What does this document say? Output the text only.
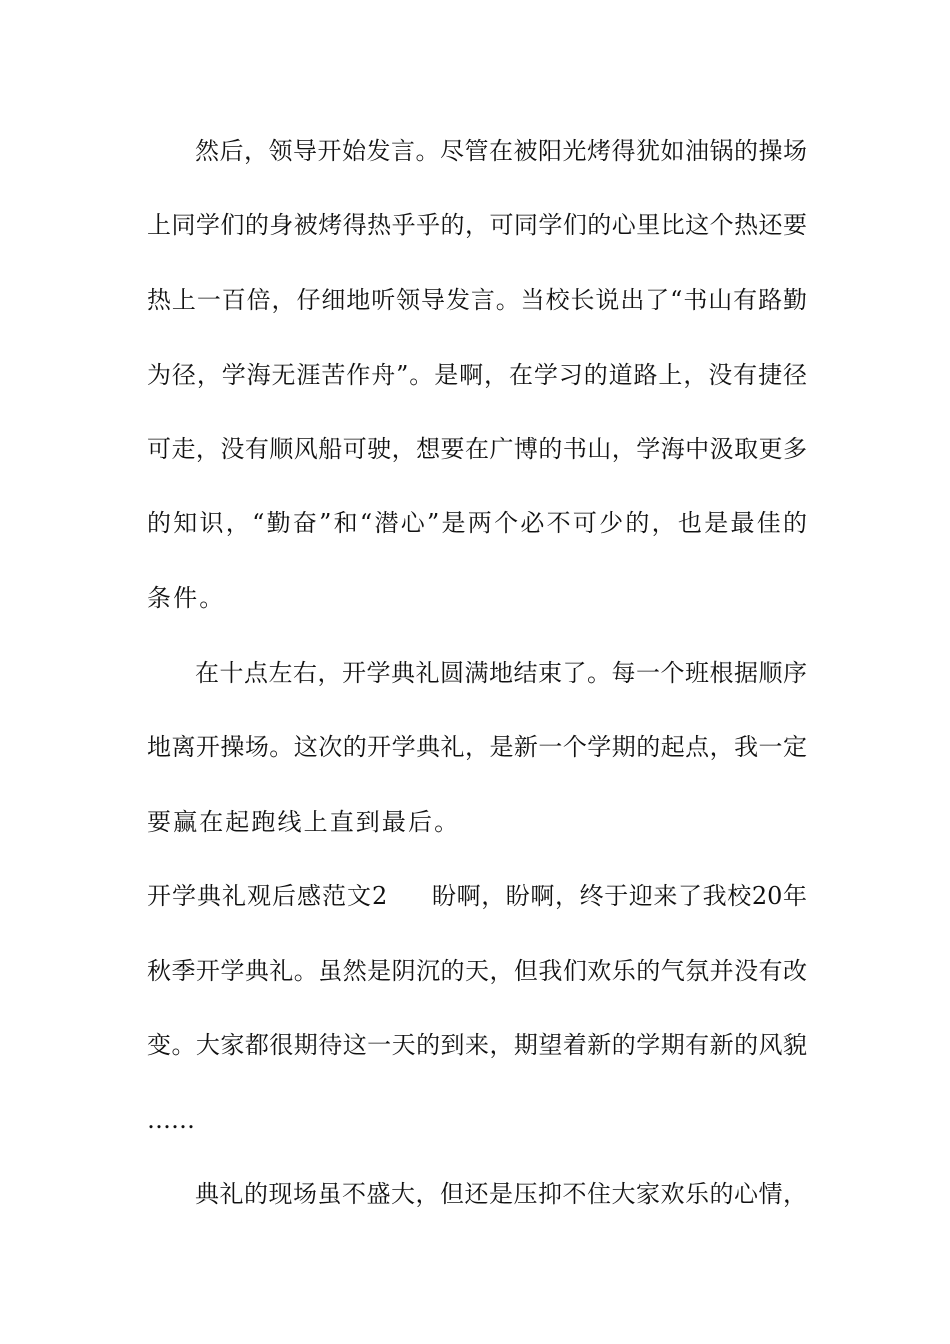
然后，领导开始发言。尽管在被阳光烤得犹如油锅的操场
上同学们的身被烤得热乎乎的，可同学们的心里比这个热还要
热上一百倍，仔细地听领导发言。当校长说出了“书山有路勤
为径，学海无涯苦作舟”。是啊，在学习的道路上，没有捷径
可走，没有顺风船可驶，想要在广博的书山，学海中汲取更多
的知识，“勤奋”和“潜心”是两个必不可少的，也是最佳的
条件。
在十点左右，开学典礼圆满地结束了。每一个班根据顺序
地离开操场。这次的开学典礼，是新一个学期的起点，我一定
要赢在起跑线上直到最后。
开学典礼观后感范文2 盼啊，盼啊，终于迎来了我校20年
秋季开学典礼。虽然是阴沉的天，但我们欢乐的气氛并没有改
变。大家都很期待这一天的到来，期望着新的学期有新的风貌
……
典礼的现场虽不盛大，但还是压抑不住大家欢乐的心情，
